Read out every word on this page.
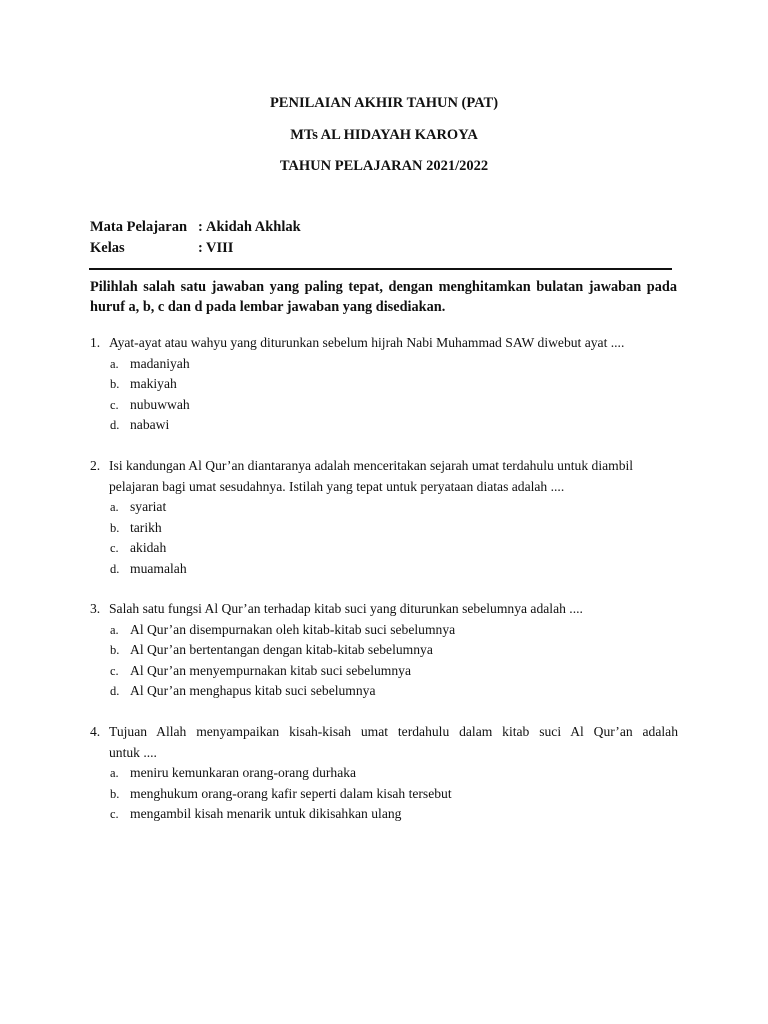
PENILAIAN AKHIR TAHUN (PAT)
MTs AL HIDAYAH KAROYA
TAHUN PELAJARAN 2021/2022
Mata Pelajaran : Akidah Akhlak
Kelas	: VIII
Pilihlah salah satu jawaban yang paling tepat, dengan menghitamkan bulatan jawaban pada huruf a, b, c dan d pada lembar jawaban yang disediakan.
1. Ayat-ayat atau wahyu yang diturunkan sebelum hijrah Nabi Muhammad SAW diwebut ayat ....
a. madaniyah
b. makiyah
c. nubuwwah
d. nabawi
2. Isi kandungan Al Qur’an diantaranya adalah menceritakan sejarah umat terdahulu untuk diambil
pelajaran bagi umat sesudahnya. Istilah yang tepat untuk peryataan diatas adalah ....
a. syariat
b. tarikh
c. akidah
d. muamalah
3. Salah satu fungsi Al Qur’an terhadap kitab suci yang diturunkan sebelumnya adalah ....
a. Al Qur’an disempurnakan oleh kitab-kitab suci sebelumnya
b. Al Qur’an bertentangan dengan kitab-kitab sebelumnya
c. Al Qur’an menyempurnakan kitab suci sebelumnya
d. Al Qur’an menghapus kitab suci sebelumnya
4. Tujuan Allah menyampaikan kisah-kisah umat terdahulu dalam kitab suci Al Qur’an adalah
untuk ....
a. meniru kemunkaran orang-orang durhaka
b. menghukum orang-orang kafir seperti dalam kisah tersebut
c. mengambil kisah menarik untuk dikisahkan ulang
